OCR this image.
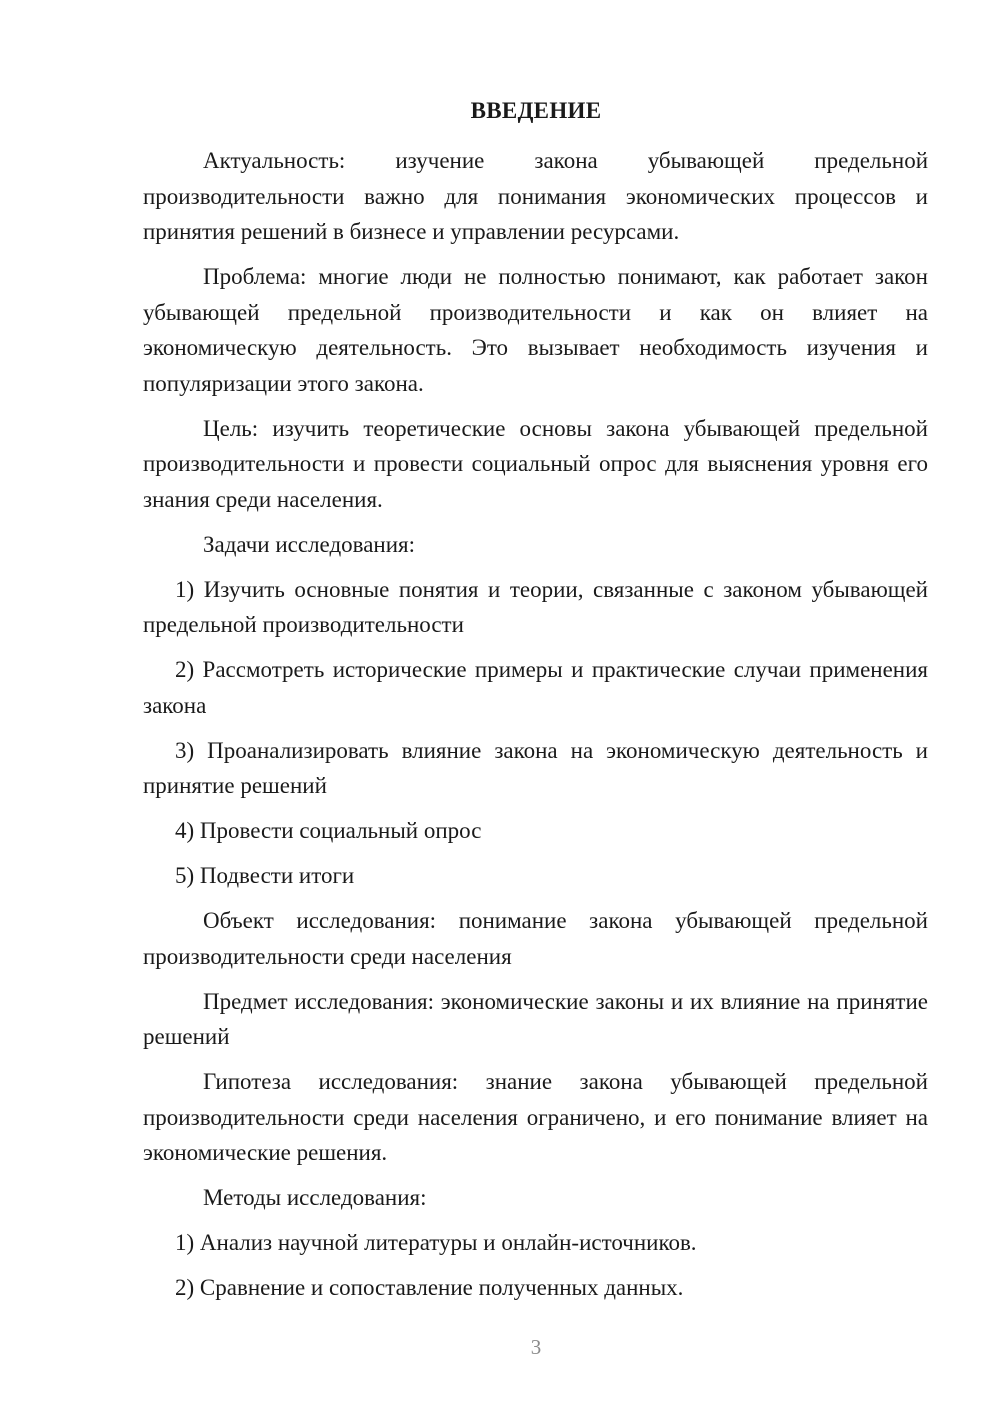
ВВЕДЕНИЕ

Актуальность: изучение закона убывающей предельной производительности важно для понимания экономических процессов и принятия решений в бизнесе и управлении ресурсами.

Проблема: многие люди не полностью понимают, как работает закон убывающей предельной производительности и как он влияет на экономическую деятельность. Это вызывает необходимость изучения и популяризации этого закона.

Цель: изучить теоретические основы закона убывающей предельной производительности и провести социальный опрос для выяснения уровня его знания среди населения.

Задачи исследования:

1) Изучить основные понятия и теории, связанные с законом убывающей предельной производительности

2) Рассмотреть исторические примеры и практические случаи применения закона

3) Проанализировать влияние закона на экономическую деятельность и принятие решений

4) Провести социальный опрос

5) Подвести итоги

Объект исследования: понимание закона убывающей предельной производительности среди населения

Предмет исследования: экономические законы и их влияние на принятие решений

Гипотеза исследования: знание закона убывающей предельной производительности среди населения ограничено, и его понимание влияет на экономические решения.

Методы исследования:

1) Анализ научной литературы и онлайн-источников.

2) Сравнение и сопоставление полученных данных.

3
